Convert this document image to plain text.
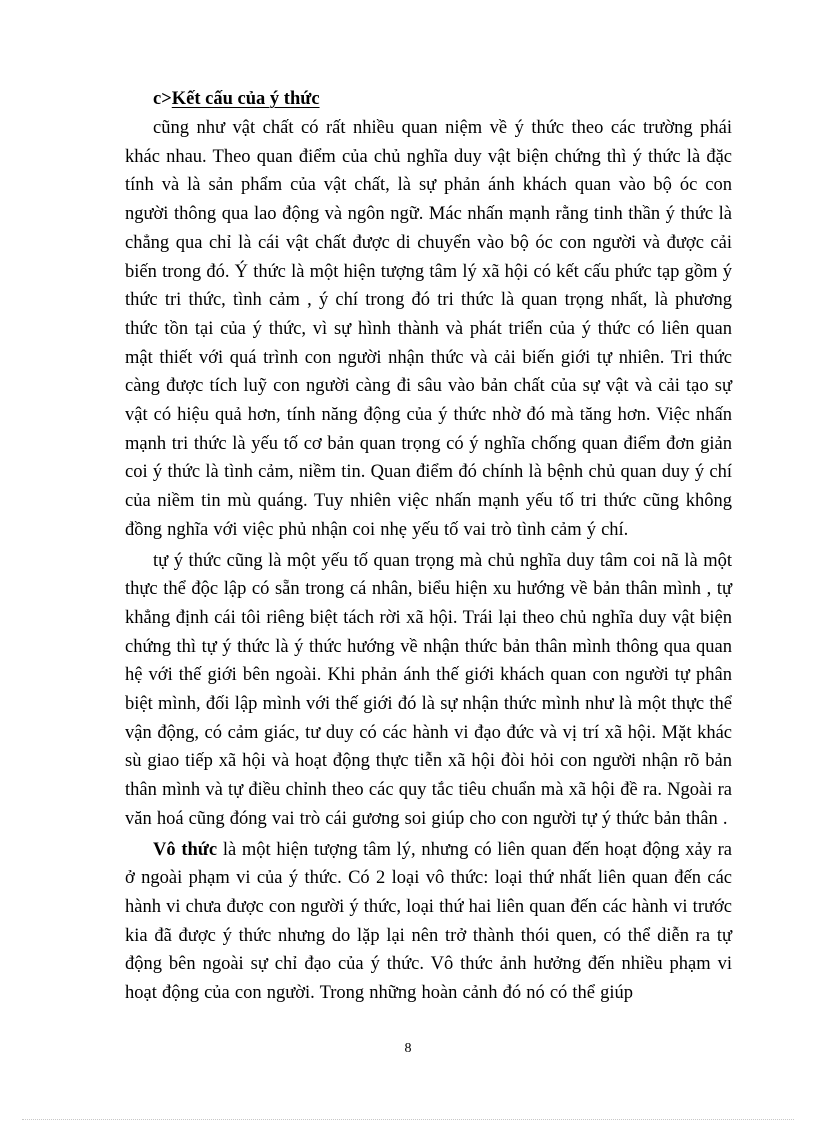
c>Kết cấu của ý thức

cũng như vật chất có rất nhiều quan niệm về ý thức theo các trường phái khác nhau. Theo quan điểm của chủ nghĩa duy vật biện chứng thì ý thức là đặc tính và là sản phẩm của vật chất, là sự phản ánh khách quan vào bộ óc con người thông qua lao động và ngôn ngữ. Mác nhấn mạnh rằng tinh thần ý thức là chẳng qua chỉ là cái vật chất được di chuyển vào bộ óc con người và được cải biến trong đó. Ý thức là một hiện tượng tâm lý xã hội có kết cấu phức tạp gồm ý thức tri thức, tình cảm , ý chí trong đó tri thức là quan trọng nhất, là phương thức tồn tại của ý thức, vì sự hình thành và phát triển của ý thức có liên quan mật thiết với quá trình con người nhận thức và cải biến giới tự nhiên. Tri thức càng được tích luỹ con người càng đi sâu vào bản chất của sự vật và cải tạo sự vật có hiệu quả hơn, tính năng động của ý thức nhờ đó mà tăng hơn. Việc nhấn mạnh tri thức là yếu tố cơ bản quan trọng có ý nghĩa chống quan điểm đơn giản coi ý thức là tình cảm, niềm tin. Quan điểm đó chính là bệnh chủ quan duy ý chí của niềm tin mù quáng. Tuy nhiên việc nhấn mạnh yếu tố tri thức cũng không đồng nghĩa với việc phủ nhận coi nhẹ yếu tố vai trò tình cảm ý chí.

tự ý thức cũng là một yếu tố quan trọng mà chủ nghĩa duy tâm coi nã là một thực thể độc lập có sẵn trong cá nhân, biểu hiện xu hướng về bản thân mình , tự khẳng định cái tôi riêng biệt tách rời xã hội. Trái lại theo chủ nghĩa duy vật biện chứng thì tự ý thức là ý thức hướng về nhận thức bản thân mình thông qua quan hệ với thế giới bên ngoài. Khi phản ánh thế giới khách quan con người tự phân biệt mình, đối lập mình với thế giới đó là sự nhận thức mình như là một thực thể vận động, có cảm giác, tư duy có các hành vi đạo đức và vị trí xã hội. Mặt khác sù giao tiếp xã hội và hoạt động thực tiễn xã hội đòi hỏi con người nhận rõ bản thân mình và tự điều chỉnh theo các quy tắc tiêu chuẩn mà xã hội đề ra. Ngoài ra văn hoá cũng đóng vai trò cái gương soi giúp cho con người tự ý thức bản thân .

Vô thức là một hiện tượng tâm lý, nhưng có liên quan đến hoạt động xảy ra ở ngoài phạm vi của ý thức. Có 2 loại vô thức: loại thứ nhất liên quan đến các hành vi chưa được con người ý thức, loại thứ hai liên quan đến các hành vi trước kia đã được ý thức nhưng do lặp lại nên trở thành thói quen, có thể diễn ra tự động bên ngoài sự chỉ đạo của ý thức. Vô thức ảnh hưởng đến nhiều phạm vi hoạt động của con người. Trong những hoàn cảnh đó nó có thể giúp

8
